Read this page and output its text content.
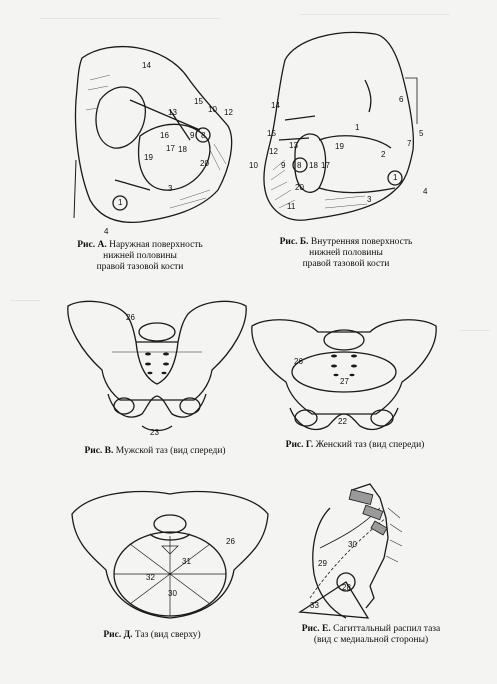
14
13
15
10 12
16
17 18
9 8
19
20
3
1
4
Рис. А. Наружная поверхность
нижней половины
правой тазовой кости
14
6
1
5
7
15
12
10
13	19
2
9 8 18 17
20
11
3
1
4
Рис. Б. Внутренняя поверхность
нижней половины
правой тазовой кости
26
23
Рис. В. Мужской таз (вид спереди)
26
27
22
Рис. Г. Женский таз (вид спереди)
26
31
32
30
Рис. Д. Таз (вид сверху)
30
29
28
33
Рис. Е. Сагиттальный распил таза
(вид с медиальной стороны)
